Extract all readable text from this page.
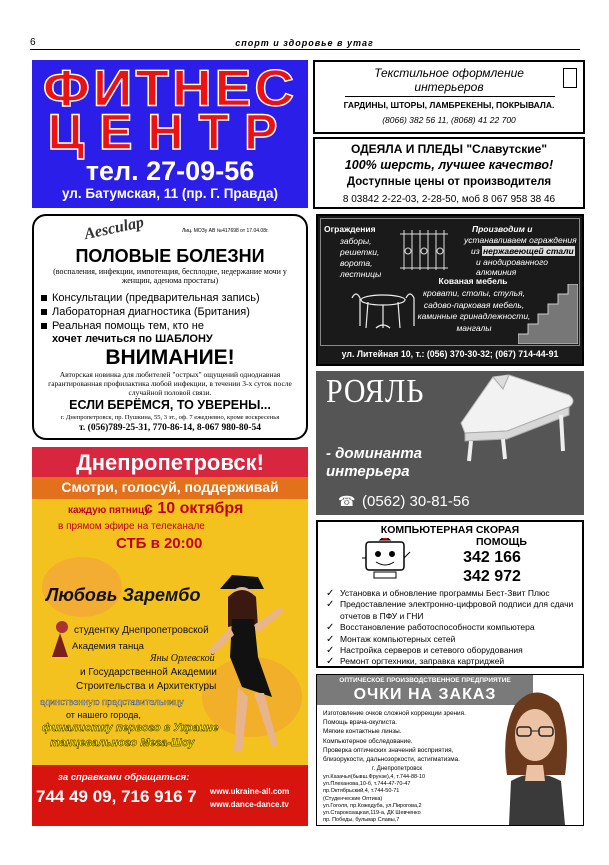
6	спорт и здоровье в утаг
ФИТНЕС
ЦЕНТР
тел. 27-09-56
ул. Батумская, 11 (пр. Г. Правда)
Текстильное оформление
интерьеров
ГАРДИНЫ, ШТОРЫ, ЛАМБРЕКЕНЫ, ПОКРЫВАЛА.
(8066) 382 56 11, (8068) 41 22 700
ОДЕЯЛА И ПЛЕДЫ "Славутские"
100% шерсть, лучшее качество!
Доступные цены от производителя
8 03842 2-22-03, 2-28-50, моб 8 067 958 38 46
Aesculap	Лиц. МОЗу АВ №417698 от 17.04.08г.
ПОЛОВЫЕ БОЛЕЗНИ
(воспаления, инфекции, импотенция, бесплодие, недержание мочи у женщин, аденома простаты)
Консультации (предварительная запись)
Лабораторная диагностика (Британия)
Реальная помощь тем, кто не
хочет лечиться по ШАБЛОНУ
ВНИМАНИЕ!
Авторская новинка для любителей "острых" ощущений одноднавная гарантированная профилактика любой инфекции, в течении 3-х суток после случайной половой связи.
ЕСЛИ БЕРЁМСЯ, ТО УВЕРЕНЫ...
г. Днепропетровск, пр. Пушкина, 55, 3 эт., оф. 7 ежедневно, кроме воскресенья
т. (056)789-25-31, 770-86-14, 8-067 980-80-54
Ограждения
заборы,
решетки,
ворота,
лестницы
Производим и
устанавливаем ограждения
из нержавеющей стали
и анодированного алюминия
Кованая мебель
кровати, столы, стулья,
садово-парковая мебель,
каминные гринадлежности,
мангалы
ул. Литейная 10, т.: (056) 370-30-32; (067) 714-44-91
РОЯЛЬ
- доминанта
интерьера
☎ (0562) 30-81-56
Днепропетровск!
Смотри, голосуй, поддерживай
каждую пятницу
с 10 октября
в прямом эфире на телеканале
СТБ в 20:00
Любовь Зарембо
студентку Днепропетровской
Академия танца
Яны Орлевской
и Государственной Академии
Строительства и Архитектуры
единственную представительницу
от нашего города,
финалистку первого в Украине
танцевального Мега-Шоу
за справками обращаться:
744 49 09, 716 916 7 www.ukraine-all.com
www.dance-dance.tv
КОМПЬЮТЕРНАЯ СКОРАЯ
ПОМОЩЬ
342 166
342 972
✓ Установка и обновление программы Бест-Звит Плюс
✓ Предоставление электронно-цифровой подписи для сдачи отчетов в ПФУ и ГНИ
✓ Восстановление работоспособности компьютера
✓ Монтаж компьютерных сетей
✓ Настройка серверов и сетевого оборудования
✓ Ремонт оргтехники, заправка картриджей
ОПТИЧЕСКОЕ ПРОИЗВОДСТВЕННОЕ ПРЕДПРИЯТИЕ
ОЧКИ НА ЗАКАЗ
Изготовление очков сложной коррекции зрения.
Помощь врача-окулиста.
Мягкие контактные линзы.
Компьютерное обследование.
Проверка оптических значений восприятия,
близорукости, дальнозоркости, астигматизма.
г. Днепропетровск
ул.Казачья(бывш.Фрунзе),4, т.744-88-10
ул.Плеханова,10-б, т.744-47-70-47
пр.Октябрьский,4, т.744-50-71
(Студенческие Оптика)
ул.Гоголя, пр.Кожедуба, ул.Пирогова,2
ул.Старокозацкая,119-а, ДК Шевченко
пр. Победы, бульвар Славы,7
